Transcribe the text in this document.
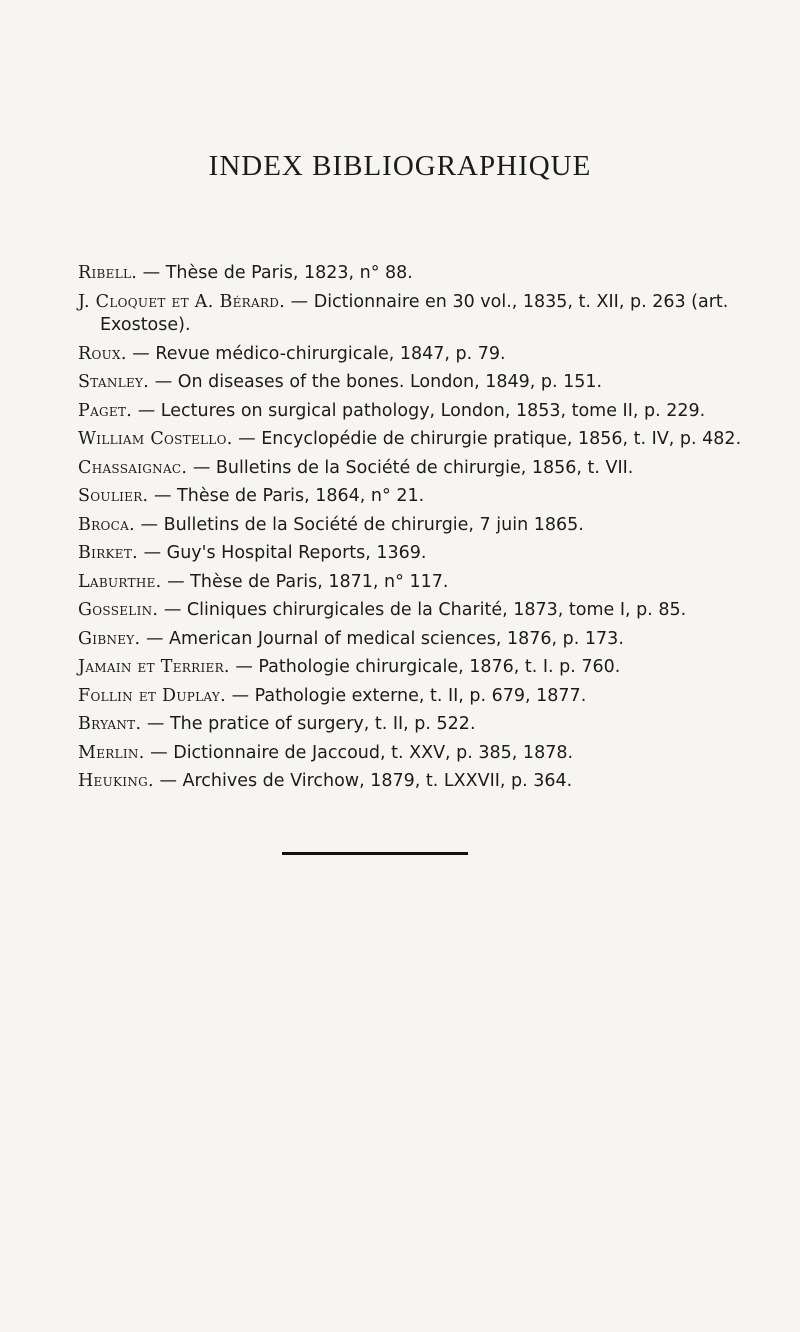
INDEX BIBLIOGRAPHIQUE
Ribell. — Thèse de Paris, 1823, n° 88.
J. Cloquet et A. Bérard. — Dictionnaire en 30 vol., 1835, t. XII, p. 263 (art. Exostose).
Roux. — Revue médico-chirurgicale, 1847, p. 79.
Stanley. — On diseases of the bones. London, 1849, p. 151.
Paget. — Lectures on surgical pathology, London, 1853, tome II, p. 229.
William Costello. — Encyclopédie de chirurgie pratique, 1856, t. IV, p. 482.
Chassaignac. — Bulletins de la Société de chirurgie, 1856, t. VII.
Soulier. — Thèse de Paris, 1864, n° 21.
Broca. — Bulletins de la Société de chirurgie, 7 juin 1865.
Birket. — Guy's Hospital Reports, 1369.
Laburthe. — Thèse de Paris, 1871, n° 117.
Gosselin. — Cliniques chirurgicales de la Charité, 1873, tome I, p. 85.
Gibney. — American Journal of medical sciences, 1876, p. 173.
Jamain et Terrier. — Pathologie chirurgicale, 1876, t. I. p. 760.
Follin et Duplay. — Pathologie externe, t. II, p. 679, 1877.
Bryant. — The pratice of surgery, t. II, p. 522.
Merlin. — Dictionnaire de Jaccoud, t. XXV, p. 385, 1878.
Heuking. — Archives de Virchow, 1879, t. LXXVII, p. 364.
